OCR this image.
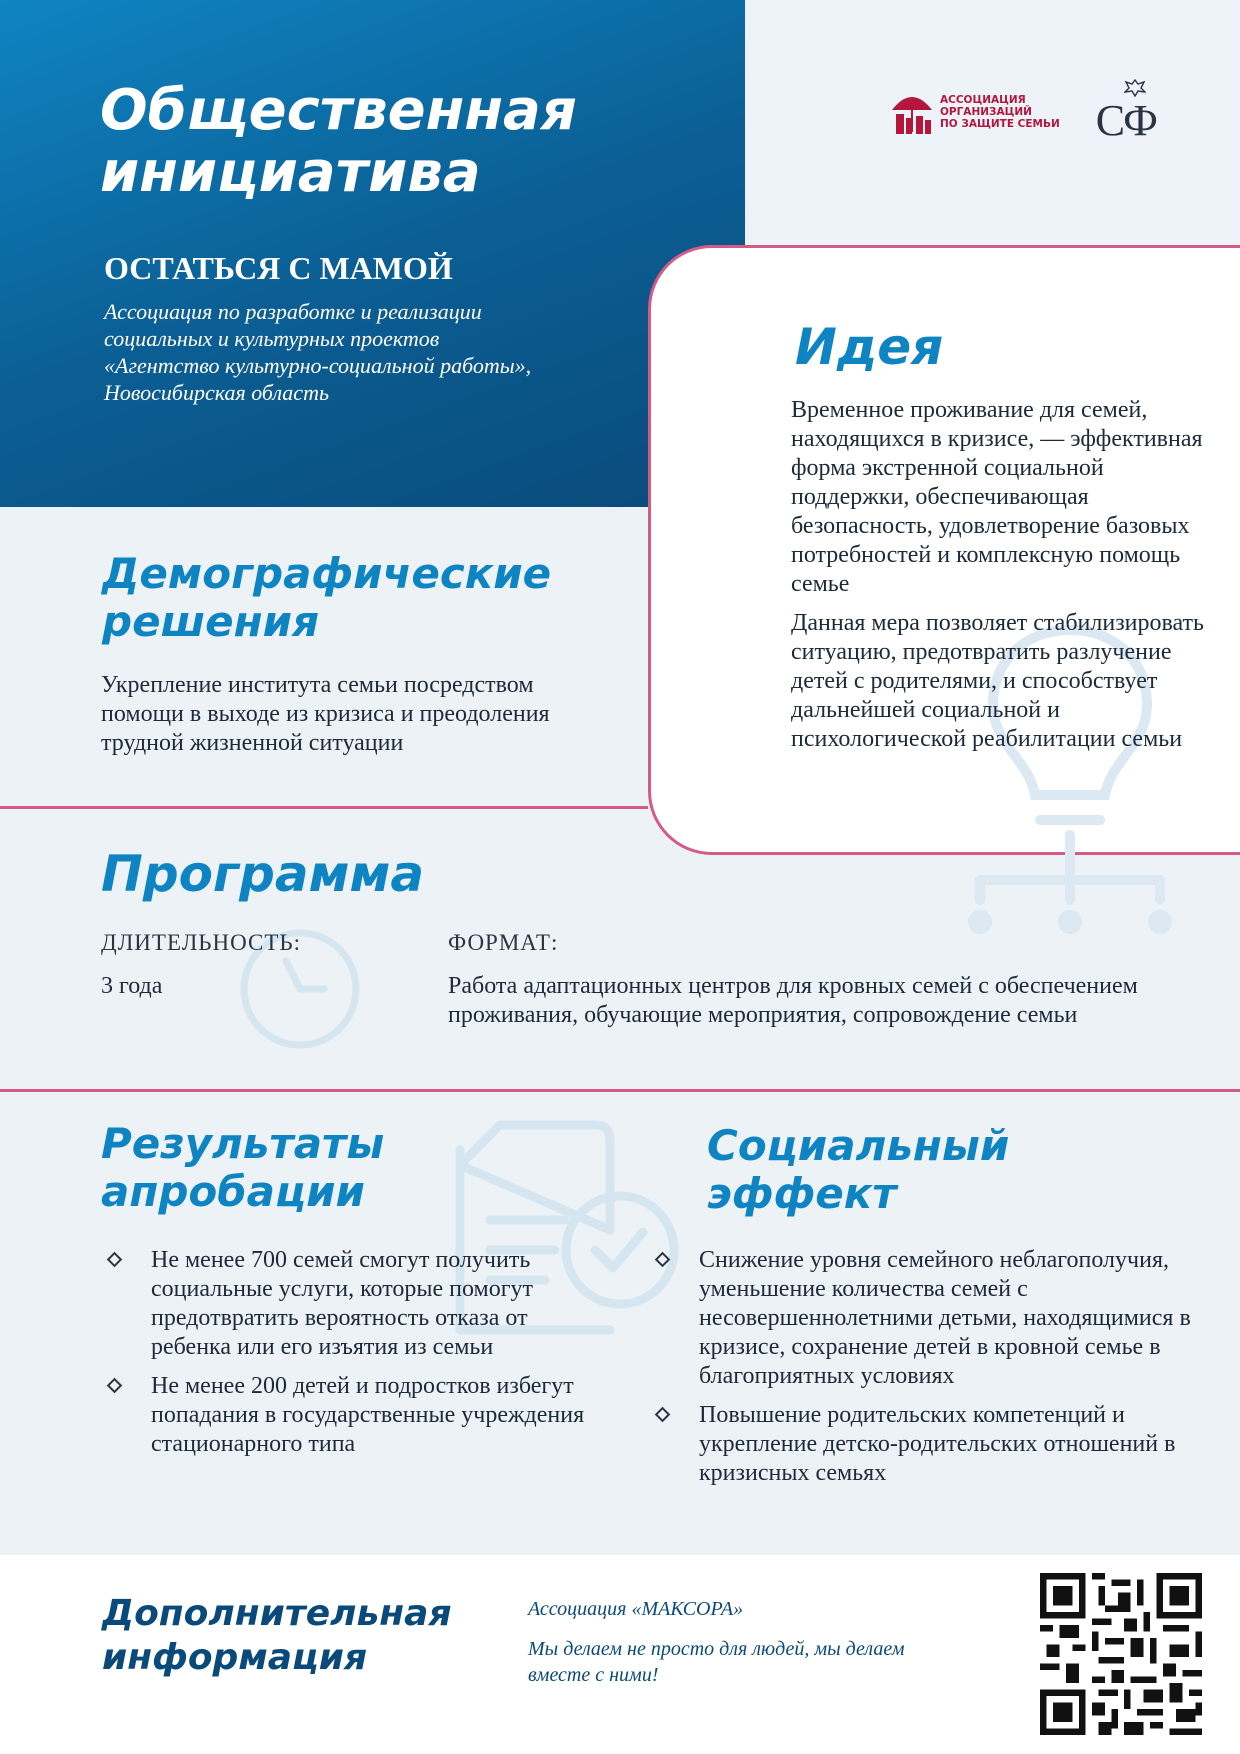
Общественная
инициатива
ОСТАТЬСЯ С МАМОЙ
Ассоциация по разработке и реализации
социальных и культурных проектов
«Агентство культурно-социальной работы»,
Новосибирская область
АССОЦИАЦИЯ
ОРГАНИЗАЦИЙ
ПО ЗАЩИТЕ СЕМЬИ СФ
Идея

Временное проживание для семей, находящихся в кризисе, — эффективная форма экстренной социальной поддержки, обеспечивающая безопасность, удовлетворение базовых потребностей и комплексную помощь семье

Данная мера позволяет стабилизировать ситуацию, предотвратить разлучение детей с родителями, и способствует дальнейшей социальной и психологической реабилитации семьи

Демографические
решения
Укрепление института семьи посредством помощи в выходе из кризиса и преодоления трудной жизненной ситуации
Программа
ДЛИТЕЛЬНОСТЬ:
3 года
ФОРМАТ:
Работа адаптационных центров для кровных семей с обеспечением проживания, обучающие мероприятия, сопровождение семьи
Результаты
апробации
Не менее 700 семей смогут получить социальные услуги, которые помогут предотвратить вероятность отказа от ребенка или его изъятия из семьи
Не менее 200 детей и подростков избегут попадания в государственные учреждения стационарного типа
Социальный
эффект
Снижение уровня семейного неблагополучия, уменьшение количества семей с несовершеннолетними детьми, находящимися в кризисе, сохранение детей в кровной семье в благоприятных условиях
Повышение родительских компетенций и укрепление детско-родительских отношений в кризисных семьях
Дополнительная
информация
Ассоциация «МАКСОРА»
Мы делаем не просто для людей, мы делаем вместе с ними!
